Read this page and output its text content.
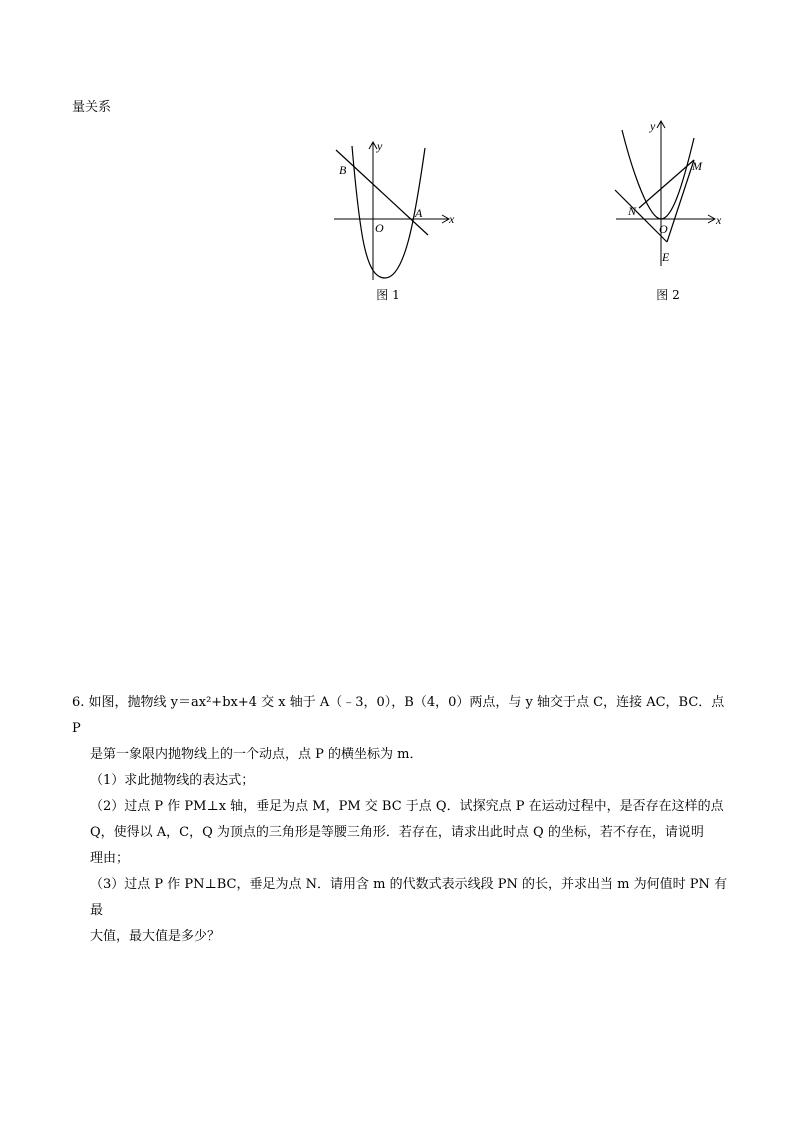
量关系
y
x
B
A
O
图 1
y
x
M
N
O
E
图 2

6. 如图，抛物线 y＝ax²+bx+4 交 x 轴于 A（﹣3，0），B（4，0）两点，与 y 轴交于点 C，连接 AC，BC．点 P

是第一象限内抛物线上的一个动点，点 P 的横坐标为 m．

（1）求此抛物线的表达式；

（2）过点 P 作 PM⊥x 轴，垂足为点 M，PM 交 BC 于点 Q．试探究点 P 在运动过程中，是否存在这样的点

Q，使得以 A，C，Q 为顶点的三角形是等腰三角形．若存在，请求出此时点 Q 的坐标，若不存在，请说明

理由；

（3）过点 P 作 PN⊥BC，垂足为点 N．请用含 m 的代数式表示线段 PN 的长，并求出当 m 为何值时 PN 有最

大值，最大值是多少？
